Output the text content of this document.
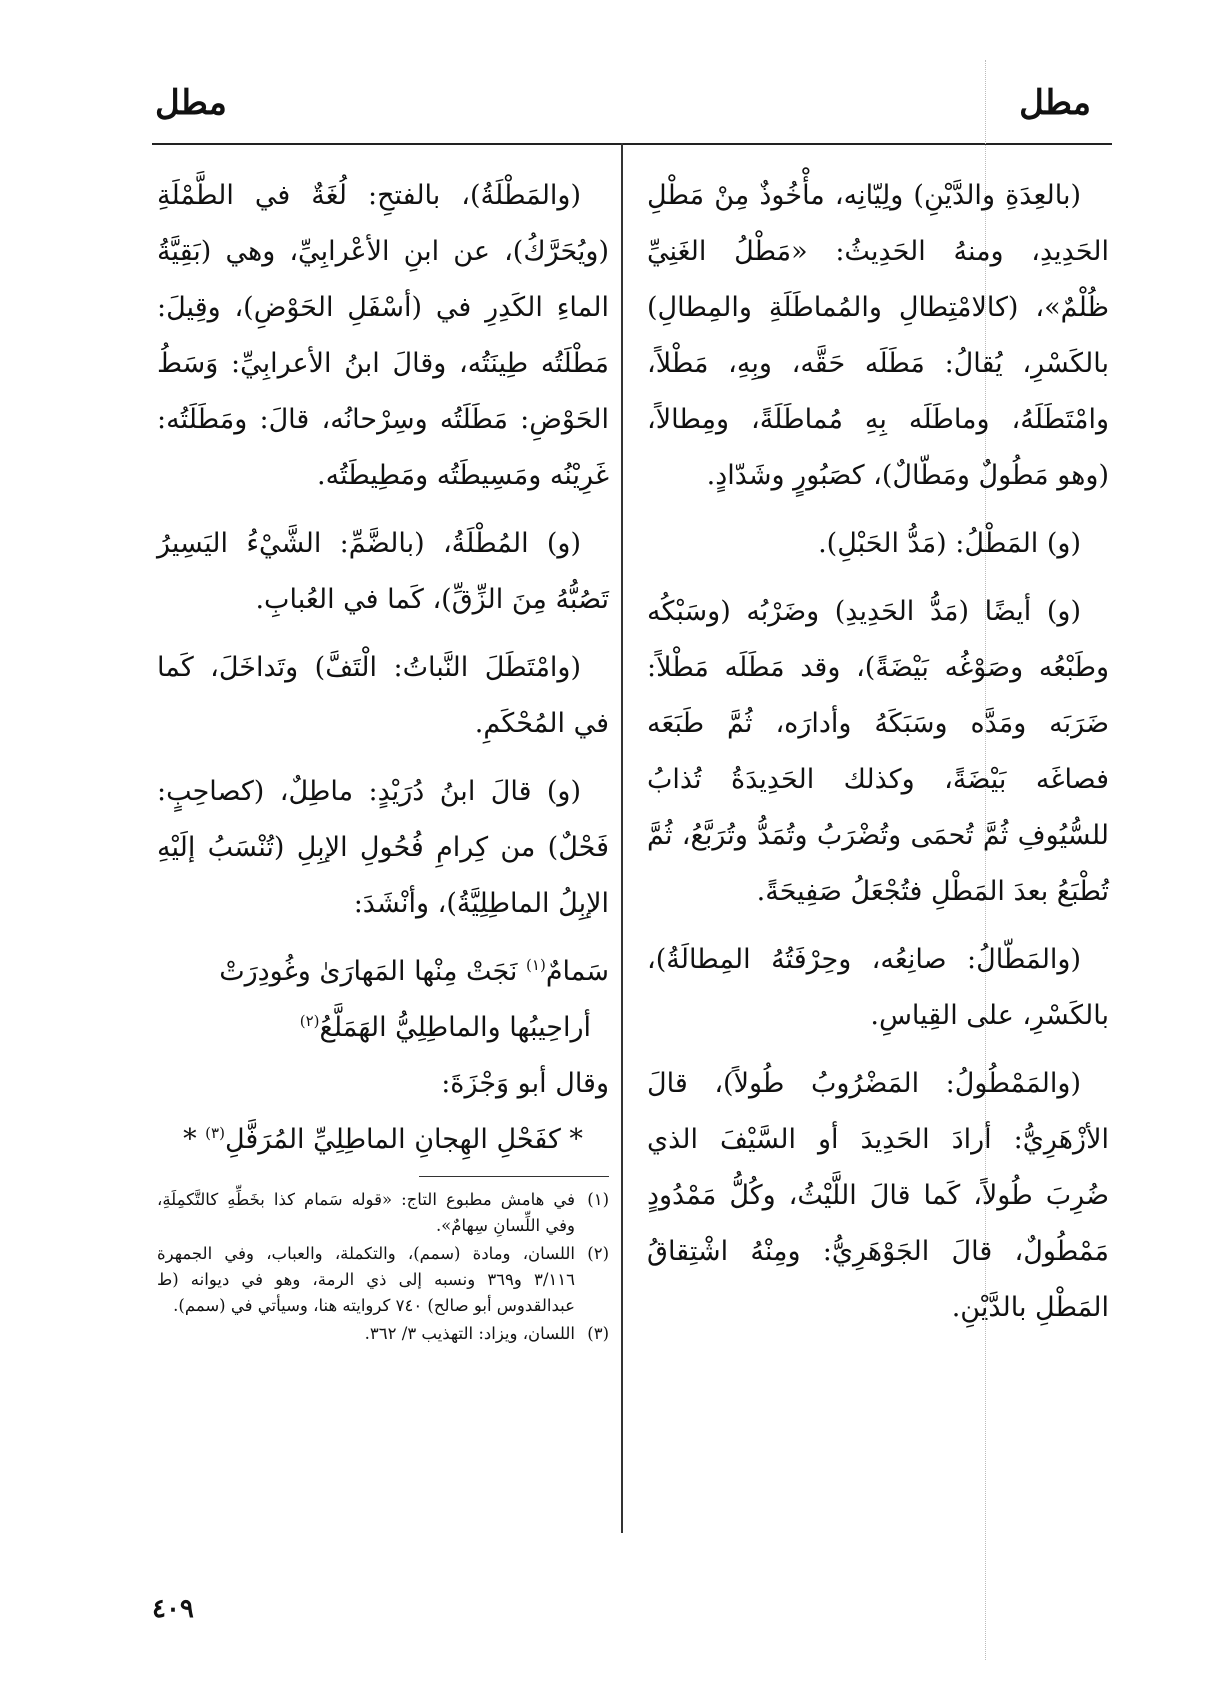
مطل
مطل

(بالعِدَةِ والدَّيْنِ) ولِيّانِه، مأْخُوذٌ مِنْ مَطْلِ الحَدِيدِ، ومنهُ الحَدِيثُ: «مَطْلُ الغَنِيِّ ظُلْمٌ»، (كالامْتِطالِ والمُماطَلَةِ والمِطالِ) بالكَسْرِ، يُقالُ: مَطَلَه حَقَّه، وبِهِ، مَطْلاً، وامْتَطَلَهُ، وماطَلَه بِهِ مُماطَلَةً، ومِطالاً، (وهو مَطُولٌ ومَطّالٌ)، كصَبُورٍ وشَدّادٍ.

(و) المَطْلُ: (مَدُّ الحَبْلِ).

(و) أيضًا (مَدُّ الحَدِيدِ) وضَرْبُه (وسَبْكُه وطَبْعُه وصَوْغُه بَيْضَةً)، وقد مَطَلَه مَطْلاً: ضَرَبَه ومَدَّه وسَبَكَهُ وأدارَه، ثُمَّ طَبَعَه فصاغَه بَيْضَةً، وكذلك الحَدِيدَةُ تُذابُ للسُّيُوفِ ثُمَّ تُحمَى وتُضْرَبُ وتُمَدُّ وتُرَبَّعُ، ثُمَّ تُطْبَعُ بعدَ المَطْلِ فتُجْعَلُ صَفِيحَةً.

(والمَطّالُ: صانِعُه، وحِرْفَتُهُ المِطالَةُ)، بالكَسْرِ، على القِياسِ.

(والمَمْطُولُ: المَضْرُوبُ طُولاً)، قالَ الأزْهَرِيُّ: أرادَ الحَدِيدَ أو السَّيْفَ الذي ضُرِبَ طُولاً، كَما قالَ اللَّيْثُ، وكُلُّ مَمْدُودٍ مَمْطُولٌ، قالَ الجَوْهَرِيُّ: ومِنْهُ اشْتِقاقُ المَطْلِ بالدَّيْنِ.

(والمَطْلَةُ)، بالفتحِ: لُغَةٌ في الطَّمْلَةِ (ويُحَرَّكُ)، عن ابنِ الأعْرابِيِّ، وهي (بَقِيَّةُ الماءِ الكَدِرِ في (أسْفَلِ الحَوْضِ)، وقِيلَ: مَطْلَتُه طِينَتُه، وقالَ ابنُ الأعرابِيِّ: وَسَطُ الحَوْضِ: مَطَلَتُه وسِرْحانُه، قالَ: ومَطَلَتُه: غَرِيْنُه ومَسِيطَتُه ومَطِيطَتُه.

(و) المُطْلَةُ، (بالضَّمِّ: الشَّيْءُ اليَسِيرُ تَصُبُّهُ مِنَ الزِّقِّ)، كَما في العُبابِ.

(وامْتَطَلَ النَّباتُ: الْتَفَّ) وتَداخَلَ، كَما في المُحْكَمِ.

(و) قالَ ابنُ دُرَيْدٍ: ماطِلٌ، (كصاحِبٍ: فَحْلٌ) من كِرامِ فُحُولِ الإبِلِ (تُنْسَبُ إلَيْهِ الإبِلُ الماطِلِيَّةُ)، وأنْشَدَ:

سَمامٌ$^{(١)}$ نَجَتْ مِنْها المَهارَىٰ وغُودِرَتْ

أراحِيبُها والماطِلِيُّ الهَمَلَّعُ$^{(٢)}$

وقال أبو وَجْزَةَ:

* كفَحْلِ الهِجانِ الماطِلِيِّ المُرَفَّلِ$^{(٣)}$ *

(١)
في هامش مطبوع التاج: «قوله سَمام كذا بخَطِّهِ كالتَّكمِلَةِ، وفي اللِّسانِ سِهامٌ».

(٢)
اللسان، ومادة (سمم)، والتكملة، والعباب، وفي الجمهرة ٣/١١٦ و٣٦٩ ونسبه إلى ذي الرمة، وهو في ديوانه (ط عبدالقدوس أبو صالح) ٧٤٠ كروايته هنا، وسيأتي في (سمم).

(٣)
اللسان، ويزاد: التهذيب ٣/ ٣٦٢.

٤٠٩
